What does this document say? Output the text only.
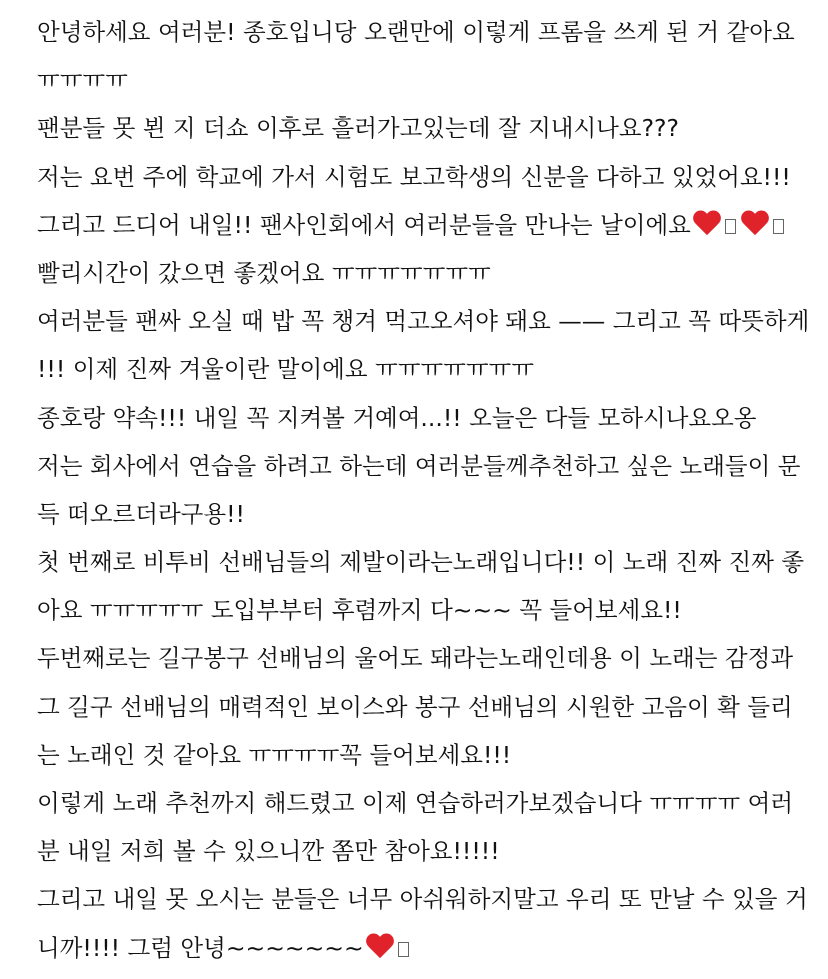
안녕하세요 여러분! 종호입니당 오랜만에 이렇게 프롬을 쓰게 된 거 같아요
ㅠㅠㅠㅠ
팬분들 못 뵌 지 더쇼 이후로 흘러가고있는데 잘 지내시나요???
저는 요번 주에 학교에 가서 시험도 보고학생의 신분을 다하고 있었어요!!!
그리고 드디어 내일!! 팬사인회에서 여러분들을 만나는 날이에요
빨리시간이 갔으면 좋겠어요 ㅠㅠㅠㅠㅠㅠㅠ
여러분들 팬싸 오실 때 밥 꼭 챙겨 먹고오셔야 돼요 —— 그리고 꼭 따뜻하게
!!! 이제 진짜 겨울이란 말이에요 ㅠㅠㅠㅠㅠㅠㅠ
종호랑 약속!!! 내일 꼭 지켜볼 거예여...!! 오늘은 다들 모하시나요오옹
저는 회사에서 연습을 하려고 하는데 여러분들께추천하고 싶은 노래들이 문
득 떠오르더라구용!!
첫 번째로 비투비 선배님들의 제발이라는노래입니다!! 이 노래 진짜 진짜 좋
아요 ㅠㅠㅠㅠㅠ 도입부부터 후렴까지 다~~~ 꼭 들어보세요!!
두번째로는 길구봉구 선배님의 울어도 돼라는노래인데용 이 노래는 감정과
그 길구 선배님의 매력적인 보이스와 봉구 선배님의 시원한 고음이 확 들리
는 노래인 것 같아요 ㅠㅠㅠㅠ꼭 들어보세요!!!
이렇게 노래 추천까지 해드렸고 이제 연습하러가보겠습니다 ㅠㅠㅠㅠ 여러
분 내일 저희 볼 수 있으니깐 쫌만 참아요!!!!!
그리고 내일 못 오시는 분들은 너무 아쉬워하지말고 우리 또 만날 수 있을 거
니까!!!! 그럼 안녕~~~~~~~
